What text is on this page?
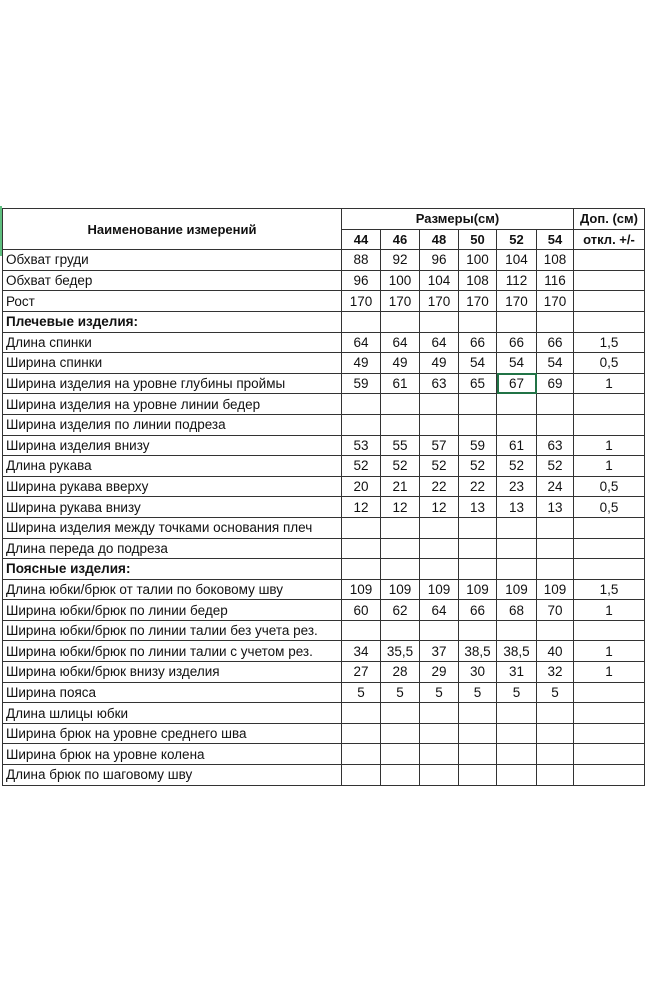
Наименование измерений	Размеры(см)						Доп. (см)
	44	46	48	50	52	54	откл. +/-
Обхват груди	88	92	96	100	104	108	
Обхват бедер	96	100	104	108	112	116	
Рост	170	170	170	170	170	170	
Плечевые изделия:							
Длина спинки	64	64	64	66	66	66	1,5
Ширина спинки	49	49	49	54	54	54	0,5
Ширина изделия на уровне глубины проймы	59	61	63	65	67	69	1
Ширина изделия на уровне линии бедер							
Ширина изделия по линии подреза							
Ширина изделия внизу	53	55	57	59	61	63	1
Длина рукава	52	52	52	52	52	52	1
Ширина рукава вверху	20	21	22	22	23	24	0,5
Ширина рукава внизу	12	12	12	13	13	13	0,5
Ширина изделия между точками основания плеч							
Длина переда до подреза							
Поясные изделия:							
Длина юбки/брюк от талии по боковому шву	109	109	109	109	109	109	1,5
Ширина юбки/брюк по линии бедер	60	62	64	66	68	70	1
Ширина юбки/брюк по линии талии без учета рез.							
Ширина юбки/брюк по линии талии с учетом рез.	34	35,5	37	38,5	38,5	40	1
Ширина юбки/брюк внизу изделия	27	28	29	30	31	32	1
Ширина пояса	5	5	5	5	5	5	
Длина шлицы юбки							
Ширина брюк на уровне среднего шва							
Ширина брюк на уровне колена							
Длина брюк по шаговому шву							
